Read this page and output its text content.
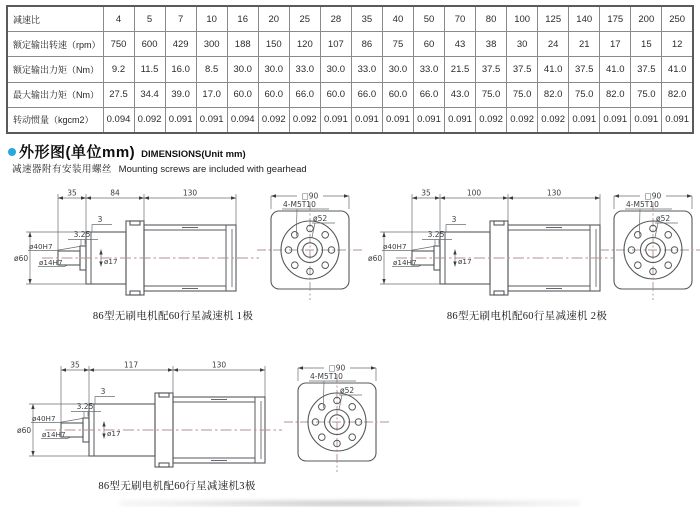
减速比	4	5	7	10	16	20	25	28	35	40	50	70	80	100	125	140	175	200	250
额定输出转速（rpm）	750	600	429	300	188	150	120	107	86	75	60	43	38	30	24	21	17	15	12
额定输出力矩（Nm）	9.2	11.5	16.0	8.5	30.0	30.0	33.0	30.0	33.0	30.0	33.0	21.5	37.5	37.5	41.0	37.5	41.0	37.5	41.0
最大输出力矩（Nm）	27.5	34.4	39.0	17.0	60.0	60.0	66.0	60.0	66.0	60.0	66.0	43.0	75.0	75.0	82.0	75.0	82.0	75.0	82.0
转动惯量（kgcm2）	0.094	0.092	0.091	0.091	0.094	0.092	0.092	0.091	0.091	0.091	0.091	0.091	0.092	0.092	0.092	0.091	0.091	0.091	0.091
外形图(单位mm) DIMENSIONS(Unit mm)
减速器附有安装用螺丝 Mounting screws are included with gearhead
35	84	130
3
3.25
ø60
ø40H7
ø14H7	ø17
□90
4-M5T10
ø52
86型无刷电机配60行星减速机 1极
35	100	130
3
3.25
ø60
ø40H7
ø14H7	ø17
□90
4-M5T10
ø52
86型无刷电机配60行星减速机 2极
35	117	130
3
3.25
ø60
ø40H7
ø14H7	ø17
□90
4-M5T10
ø52
86型无刷电机配60行星减速机3极
